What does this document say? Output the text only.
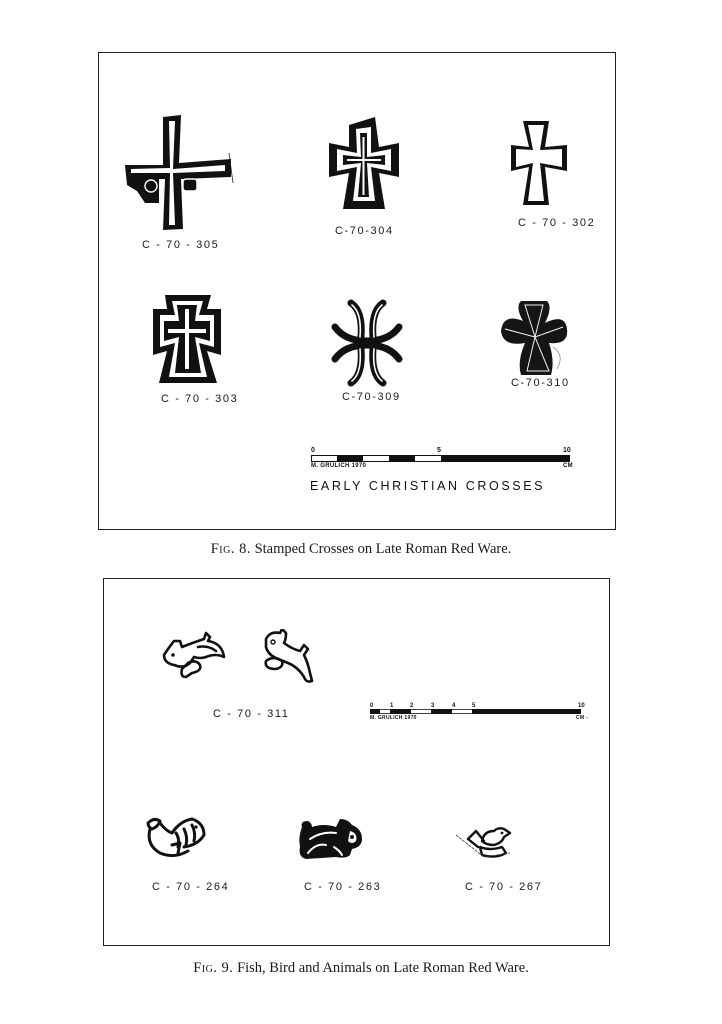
C - 70 - 305
C-70-304
C - 70 - 302
C - 70 - 303	C-70-309
C-70-310
0	5	10
M. GRULICH 1970	CM
EARLY CHRISTIAN CROSSES
Fig. 8. Stamped Crosses on Late Roman Red Ware.
C - 70 - 311
0	1	2	3	4	5	10
M. GRULICH 1970	CM -
C - 70 - 264	C - 70 - 263	C - 70 - 267
Fig. 9. Fish, Bird and Animals on Late Roman Red Ware.
